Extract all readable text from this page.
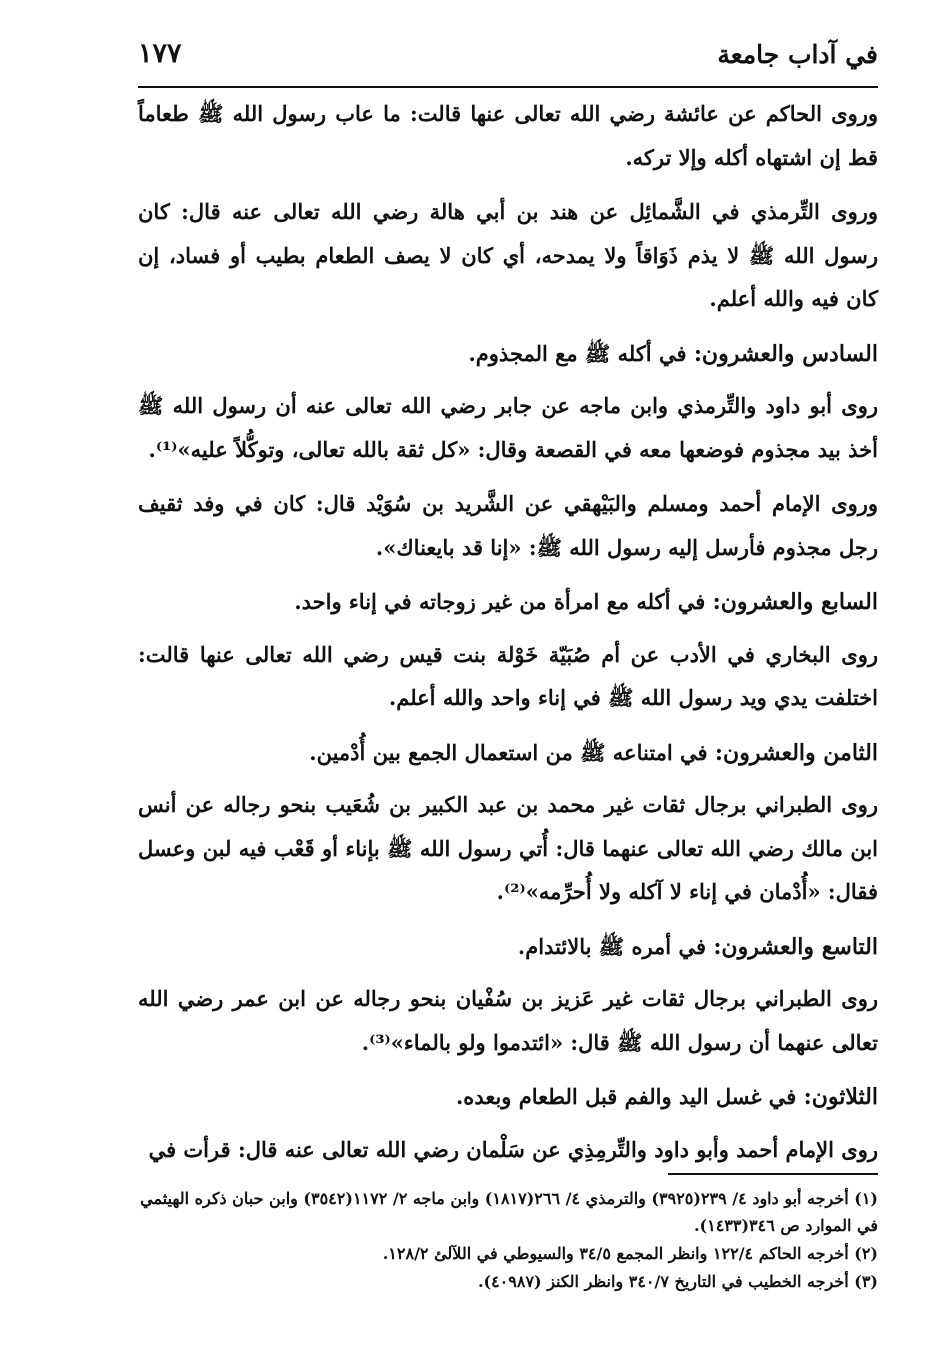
في آداب جامعة
١٧٧

وروى الحاكم عن عائشة رضي الله تعالى عنها قالت: ما عاب رسول الله ﷺ طعاماً قط إن اشتهاه أكله وإلا تركه.

وروى التِّرمذي في الشَّمائِل عن هند بن أبي هالة رضي الله تعالى عنه قال: كان رسول الله ﷺ لا يذم ذَوَاقاً ولا يمدحه، أي كان لا يصف الطعام بطيب أو فساد، إن كان فيه والله أعلم.

السادس والعشرون: في أكله ﷺ مع المجذوم.

روى أبو داود والتِّرمذي وابن ماجه عن جابر رضي الله تعالى عنه أن رسول الله ﷺ أخذ بيد مجذوم فوضعها معه في القصعة وقال: «كل ثقة بالله تعالى، وتوكُّلاً عليه»⁽¹⁾.

وروى الإمام أحمد ومسلم والبَيْهقي عن الشَّريد بن سُوَيْد قال: كان في وفد ثقيف رجل مجذوم فأرسل إليه رسول الله ﷺ: «إنا قد بايعناك».

السابع والعشرون: في أكله مع امرأة من غير زوجاته في إناء واحد.

روى البخاري في الأدب عن أم صُبَيّة خَوْلة بنت قيس رضي الله تعالى عنها قالت: اختلفت يدي ويد رسول الله ﷺ في إناء واحد والله أعلم.

الثامن والعشرون: في امتناعه ﷺ من استعمال الجمع بين أُدْمين.

روى الطبراني برجال ثقات غير محمد بن عبد الكبير بن شُعَيب بنحو رجاله عن أنس ابن مالك رضي الله تعالى عنهما قال: أُتي رسول الله ﷺ بإناء أو قَعْب فيه لبن وعسل فقال: «أُدْمان في إناء لا آكله ولا أُحرِّمه»⁽²⁾.

التاسع والعشرون: في أمره ﷺ بالائتدام.

روى الطبراني برجال ثقات غير عَزيز بن سُفْيان بنحو رجاله عن ابن عمر رضي الله تعالى عنهما أن رسول الله ﷺ قال: «ائتدموا ولو بالماء»⁽³⁾.

الثلاثون: في غسل اليد والفم قبل الطعام وبعده.

روى الإمام أحمد وأبو داود والتِّرمِذِي عن سَلْمان رضي الله تعالى عنه قال: قرأت في

(١) أخرجه أبو داود ٤/ ٢٣٩(٣٩٢٥) والترمذي ٤/ ٢٦٦(١٨١٧) وابن ماجه ٢/ ١١٧٢(٣٥٤٢) وابن حبان ذكره الهيثمي في الموارد ص ٣٤٦(١٤٣٣).

(٢) أخرجه الحاكم ١٢٢/٤ وانظر المجمع ٣٤/٥ والسيوطي في اللآلئ ١٢٨/٢.

(٣) أخرجه الخطيب في التاريخ ٣٤٠/٧ وانظر الكنز (٤٠٩٨٧).
